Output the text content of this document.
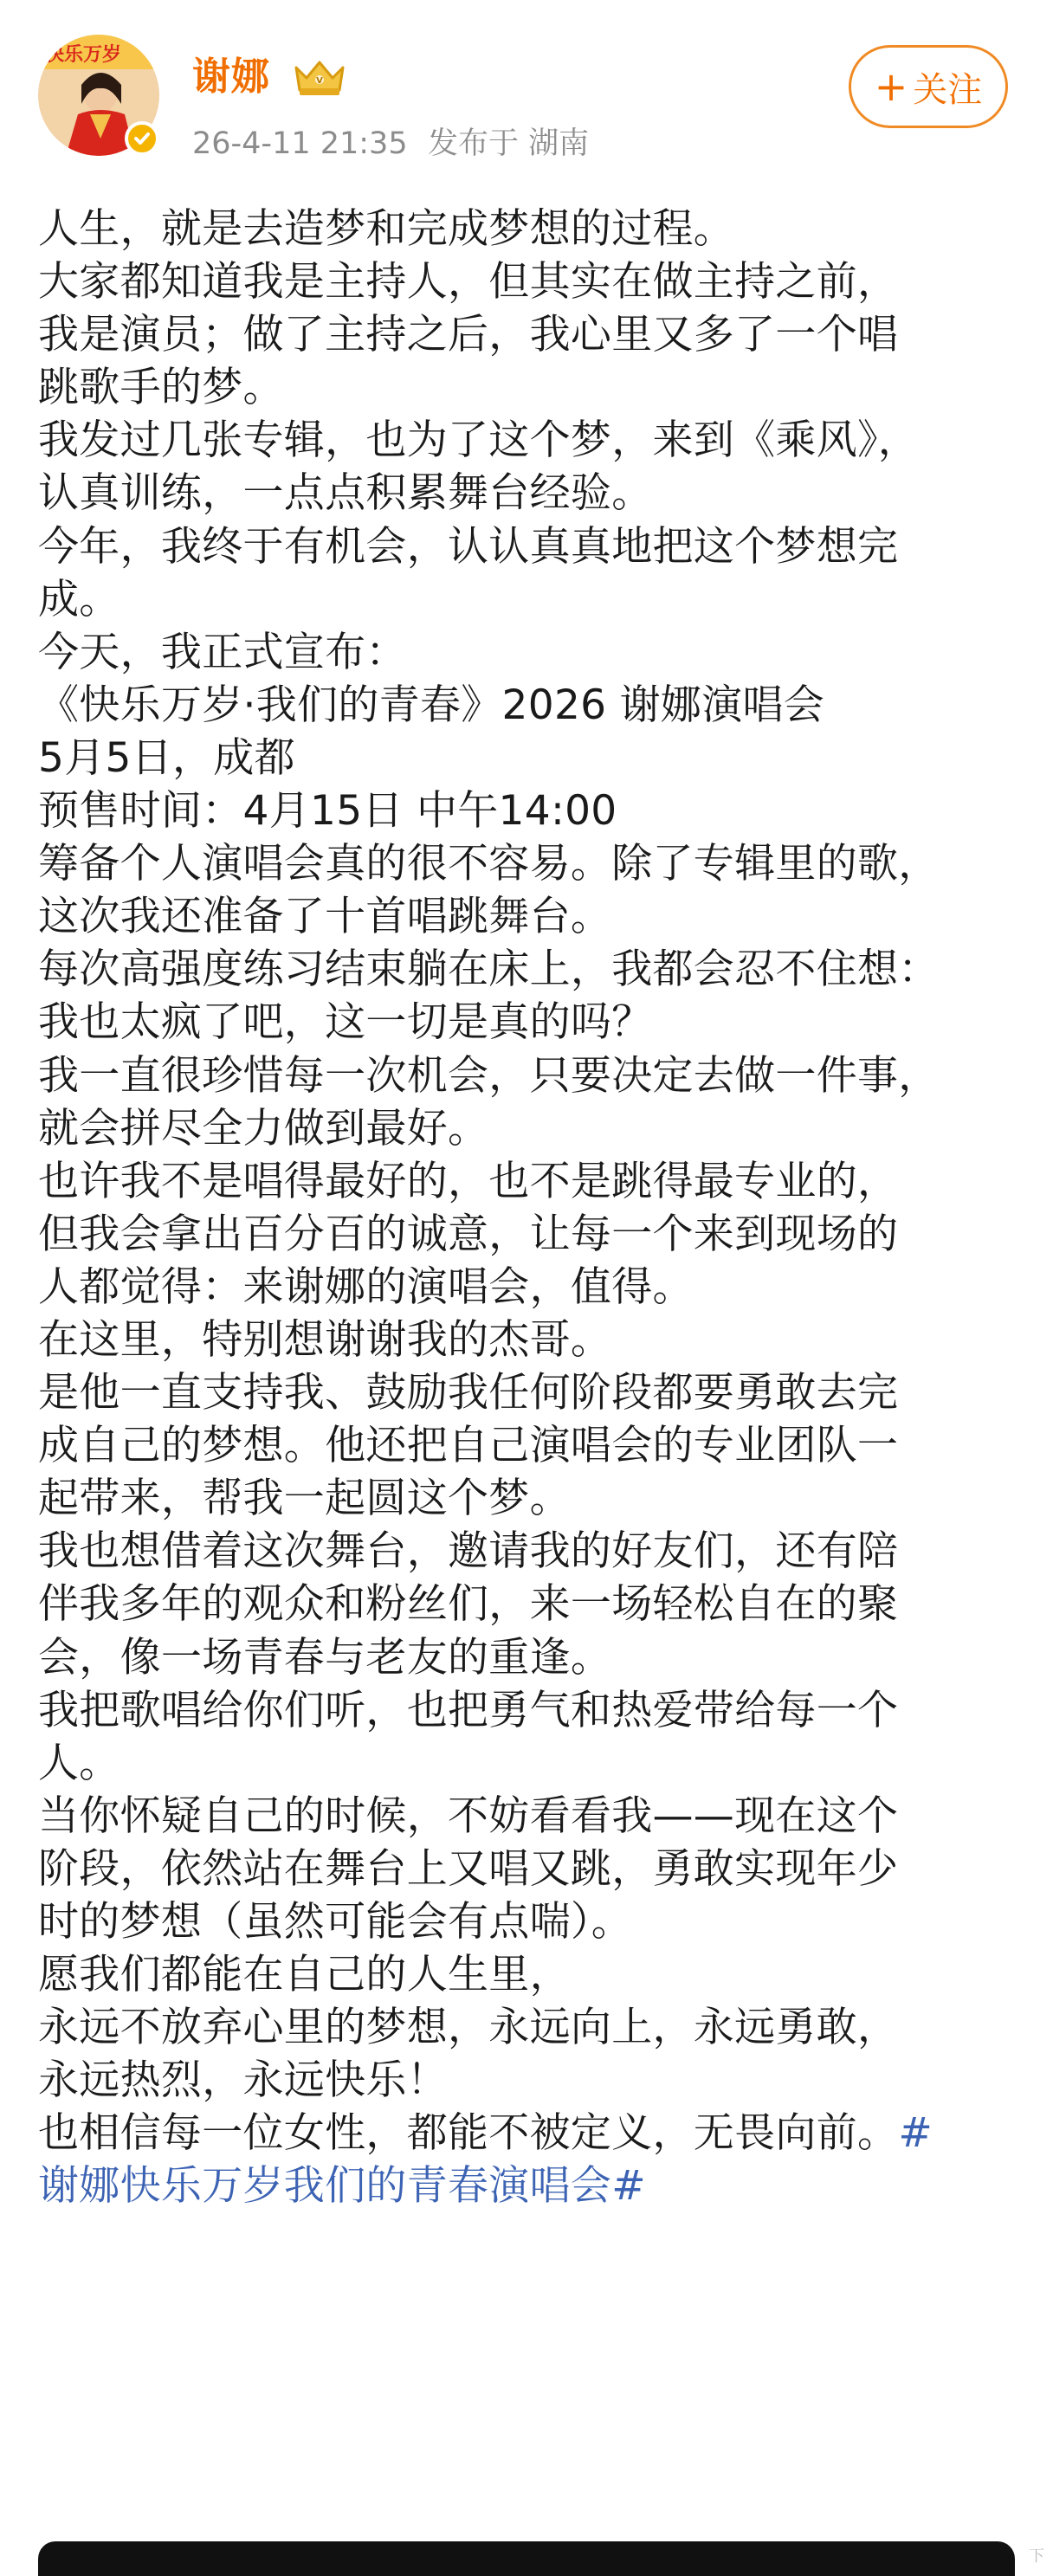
快乐万岁 谢娜	V
26-4-11 21:35 发布于 湖南
+ 关注
人生，就是去造梦和完成梦想的过程。
大家都知道我是主持人，但其实在做主持之前，
我是演员；做了主持之后，我心里又多了一个唱
跳歌手的梦。
我发过几张专辑，也为了这个梦，来到《乘风》，
认真训练，一点点积累舞台经验。
今年，我终于有机会，认认真真地把这个梦想完
成。
今天，我正式宣布：
《快乐万岁·我们的青春》2026 谢娜演唱会
5月5日，成都
预售时间：4月15日 中午14:00
筹备个人演唱会真的很不容易。除了专辑里的歌，
这次我还准备了十首唱跳舞台。
每次高强度练习结束躺在床上，我都会忍不住想：
我也太疯了吧，这一切是真的吗？
我一直很珍惜每一次机会，只要决定去做一件事，
就会拼尽全力做到最好。
也许我不是唱得最好的，也不是跳得最专业的，
但我会拿出百分百的诚意，让每一个来到现场的
人都觉得：来谢娜的演唱会，值得。
在这里，特别想谢谢我的杰哥。
是他一直支持我、鼓励我任何阶段都要勇敢去完
成自己的梦想。他还把自己演唱会的专业团队一
起带来，帮我一起圆这个梦。
我也想借着这次舞台，邀请我的好友们，还有陪
伴我多年的观众和粉丝们，来一场轻松自在的聚
会，像一场青春与老友的重逢。
我把歌唱给你们听，也把勇气和热爱带给每一个
人。
当你怀疑自己的时候，不妨看看我——现在这个
阶段，依然站在舞台上又唱又跳，勇敢实现年少
时的梦想（虽然可能会有点喘）。
愿我们都能在自己的人生里，
永远不放弃心里的梦想，永远向上，永远勇敢，
永远热烈，永远快乐！
也相信每一位女性，都能不被定义，无畏向前。#
谢娜快乐万岁我们的青春演唱会#
下
